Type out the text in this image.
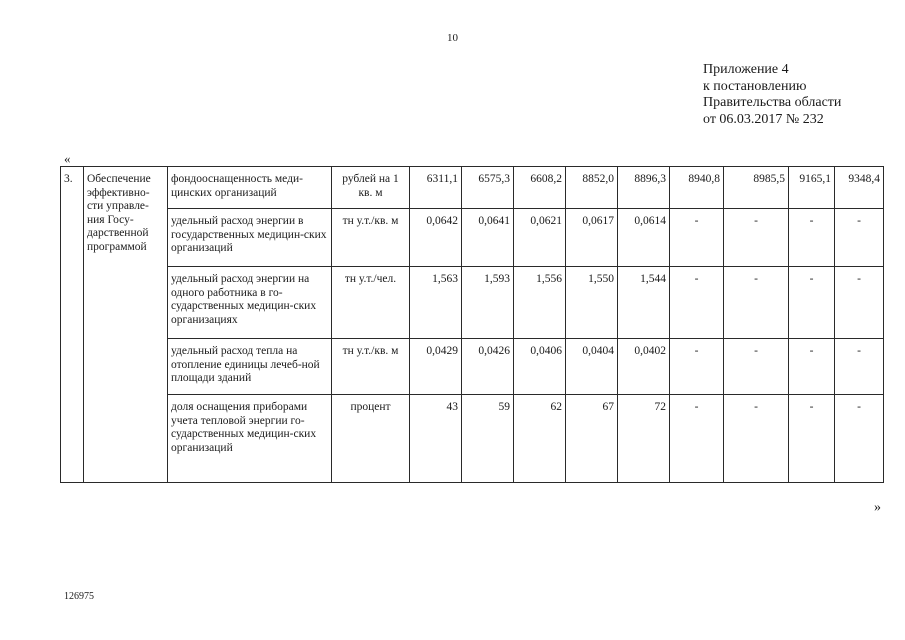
10
Приложение 4
к постановлению
Правительства области
от 06.03.2017 № 232
«
3.	Обеспечение эффективно-сти управле-ния Госу-дарственной программой	фондооснащенность меди-цинских организаций	рублей на 1 кв. м	6311,1	6575,3	6608,2	8852,0	8896,3	8940,8	8985,5	9165,1	9348,4
		удельный расход энергии в государственных медицин-ских организаций	тн у.т./кв. м	0,0642	0,0641	0,0621	0,0617	0,0614	-	-	-	-
		удельный расход энергии на одного работника в го-сударственных медицин-ских организациях	тн у.т./чел.	1,563	1,593	1,556	1,550	1,544	-	-	-	-
		удельный расход тепла на отопление единицы лечеб-ной площади зданий	тн у.т./кв. м	0,0429	0,0426	0,0406	0,0404	0,0402	-	-	-	-
		доля оснащения приборами учета тепловой энергии го-сударственных медицин-ских организаций	процент	43	59	62	67	72	-	-	-	-
»
126975
